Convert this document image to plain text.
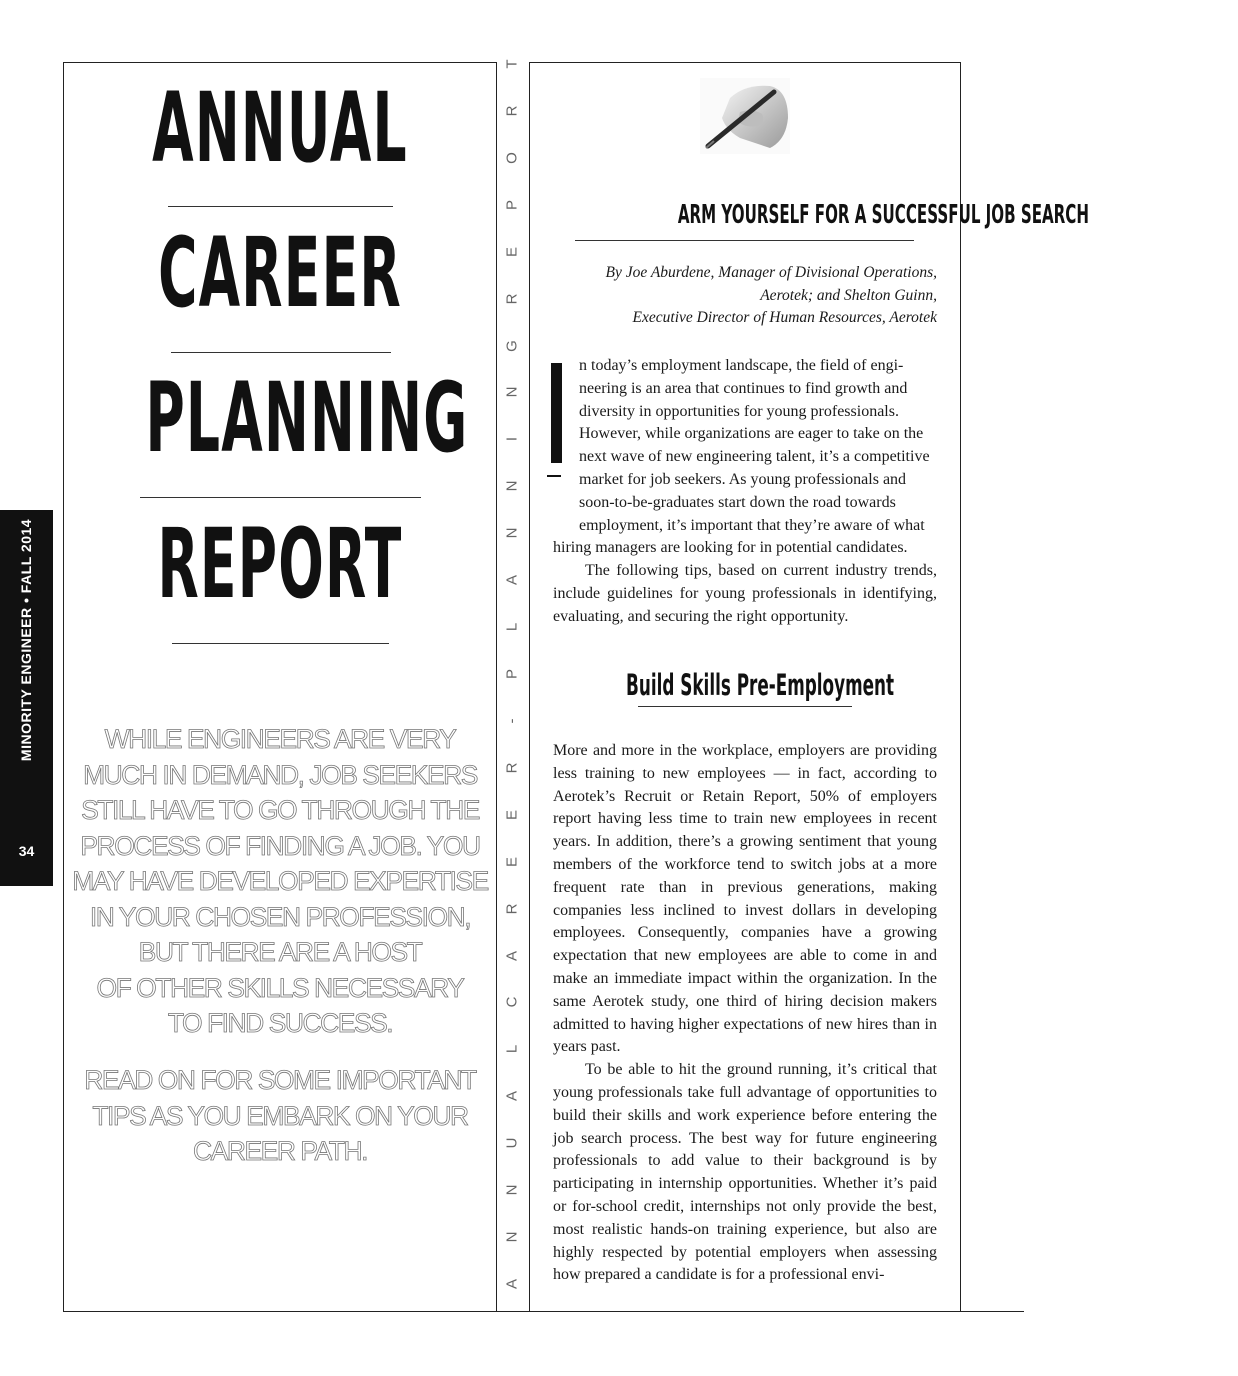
MINORITY ENGINEER • FALL 2014
34
ANNUAL
CAREER
PLANNING
REPORT
WHILE ENGINEERS ARE VERY
MUCH IN DEMAND, JOB SEEKERS
STILL HAVE TO GO THROUGH THE
PROCESS OF FINDING A JOB. YOU
MAY HAVE DEVELOPED EXPERTISE
IN YOUR CHOSEN PROFESSION,
BUT THERE ARE A HOST
OF OTHER SKILLS NECESSARY
TO FIND SUCCESS.
READ ON FOR SOME IMPORTANT
TIPS AS YOU EMBARK ON YOUR
CAREER PATH.
A
N
N
U
A
L
C
A
R
E
E
R
-
P
L
A
N
N
I
N
G
R
E
P
O
R
T
ARM YOURSELF FOR A SUCCESSFUL JOB SEARCH
By Joe Aburdene, Manager of Divisional Operations,
Aerotek; and Shelton Guinn,
Executive Director of Human Resources, Aerotek
n today’s employment landscape, the field of engi-
neering is an area that continues to find growth and
diversity in opportunities for young professionals.
However, while organizations are eager to take on the
next wave of new engineering talent, it’s a competitive
market for job seekers. As young professionals and
soon-to-be-graduates start down the road towards
employment, it’s important that they’re aware of what
hiring managers are looking for in potential candidates.

The following tips, based on current industry trends, include guidelines for young professionals in identifying, evaluating, and securing the right opportunity.

Build Skills Pre-Employment

More and more in the workplace, employers are providing less training to new employees — in fact, according to Aerotek’s Recruit or Retain Report, 50% of employers report having less time to train new employees in recent years. In addition, there’s a growing sentiment that young members of the workforce tend to switch jobs at a more frequent rate than in previous generations, making companies less inclined to invest dollars in developing employees. Consequently, companies have a growing expectation that new employees are able to come in and make an immediate impact within the organization. In the same Aerotek study, one third of hiring decision makers admitted to having higher expectations of new hires than in years past.

To be able to hit the ground running, it’s critical that young professionals take full advantage of opportunities to build their skills and work experience before entering the job search process. The best way for future engineering professionals to add value to their background is by participating in internship opportunities. Whether it’s paid or for-school credit, internships not only provide the best, most realistic hands-on training experience, but also are highly respected by potential employers when assessing how prepared a candidate is for a professional envi-
